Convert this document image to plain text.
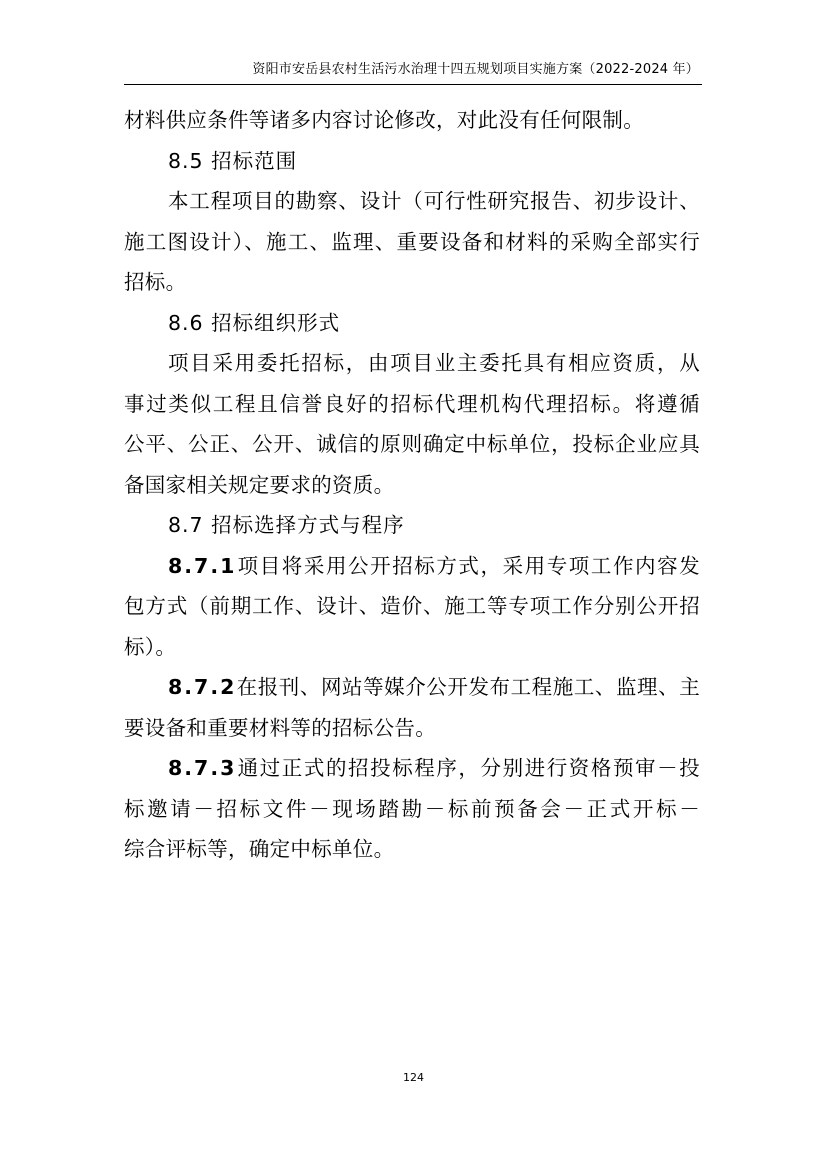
资阳市安岳县农村生活污水治理十四五规划项目实施方案（2022-2024 年）
材料供应条件等诸多内容讨论修改，对此没有任何限制。
8.5 招标范围
本工程项目的勘察、设计（可行性研究报告、初步设计、
施工图设计）、施工、监理、重要设备和材料的采购全部实行
招标。
8.6 招标组织形式
项目采用委托招标，由项目业主委托具有相应资质，从
事过类似工程且信誉良好的招标代理机构代理招标。将遵循
公平、公正、公开、诚信的原则确定中标单位，投标企业应具
备国家相关规定要求的资质。
8.7 招标选择方式与程序
8.7.1项目将采用公开招标方式，采用专项工作内容发
包方式（前期工作、设计、造价、施工等专项工作分别公开招
标）。
8.7.2在报刊、网站等媒介公开发布工程施工、监理、主
要设备和重要材料等的招标公告。
8.7.3通过正式的招投标程序，分别进行资格预审－投
标邀请－招标文件－现场踏勘－标前预备会－正式开标－
综合评标等，确定中标单位。
124
